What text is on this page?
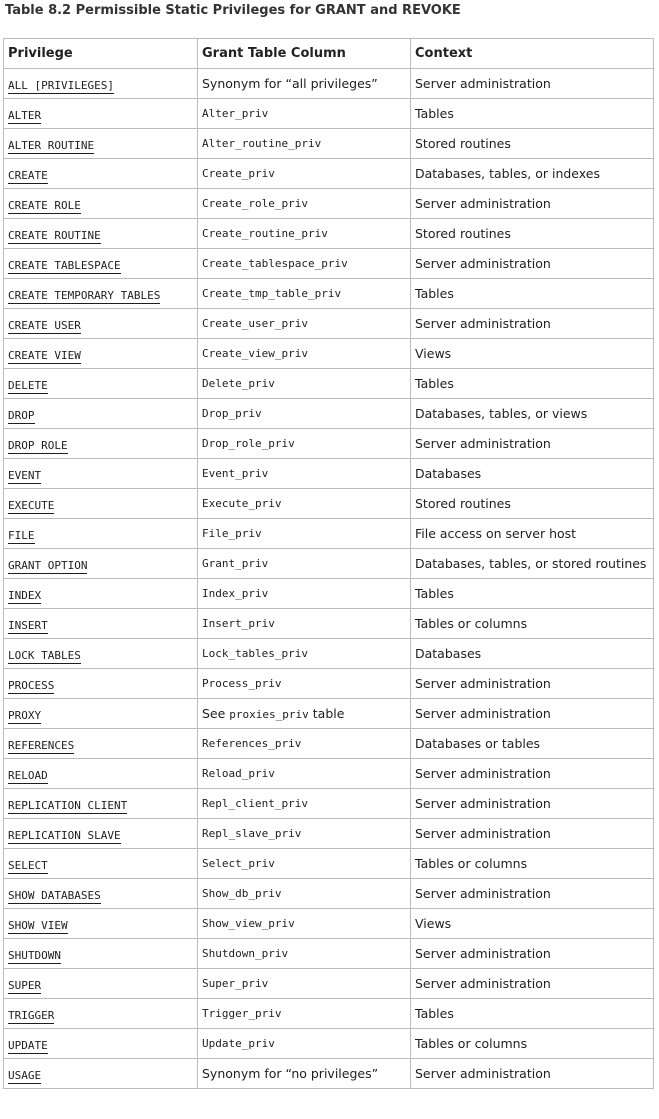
Table 8.2 Permissible Static Privileges for GRANT and REVOKE
Privilege	Grant Table Column	Context
ALL [PRIVILEGES]	Synonym for “all privileges”	Server administration
ALTER	Alter_priv	Tables
ALTER ROUTINE	Alter_routine_priv	Stored routines
CREATE	Create_priv	Databases, tables, or indexes
CREATE ROLE	Create_role_priv	Server administration
CREATE ROUTINE	Create_routine_priv	Stored routines
CREATE TABLESPACE	Create_tablespace_priv	Server administration
CREATE TEMPORARY TABLES	Create_tmp_table_priv	Tables
CREATE USER	Create_user_priv	Server administration
CREATE VIEW	Create_view_priv	Views
DELETE	Delete_priv	Tables
DROP	Drop_priv	Databases, tables, or views
DROP ROLE	Drop_role_priv	Server administration
EVENT	Event_priv	Databases
EXECUTE	Execute_priv	Stored routines
FILE	File_priv	File access on server host
GRANT OPTION	Grant_priv	Databases, tables, or stored routines
INDEX	Index_priv	Tables
INSERT	Insert_priv	Tables or columns
LOCK TABLES	Lock_tables_priv	Databases
PROCESS	Process_priv	Server administration
PROXY	See proxies_priv table	Server administration
REFERENCES	References_priv	Databases or tables
RELOAD	Reload_priv	Server administration
REPLICATION CLIENT	Repl_client_priv	Server administration
REPLICATION SLAVE	Repl_slave_priv	Server administration
SELECT	Select_priv	Tables or columns
SHOW DATABASES	Show_db_priv	Server administration
SHOW VIEW	Show_view_priv	Views
SHUTDOWN	Shutdown_priv	Server administration
SUPER	Super_priv	Server administration
TRIGGER	Trigger_priv	Tables
UPDATE	Update_priv	Tables or columns
USAGE	Synonym for “no privileges”	Server administration
